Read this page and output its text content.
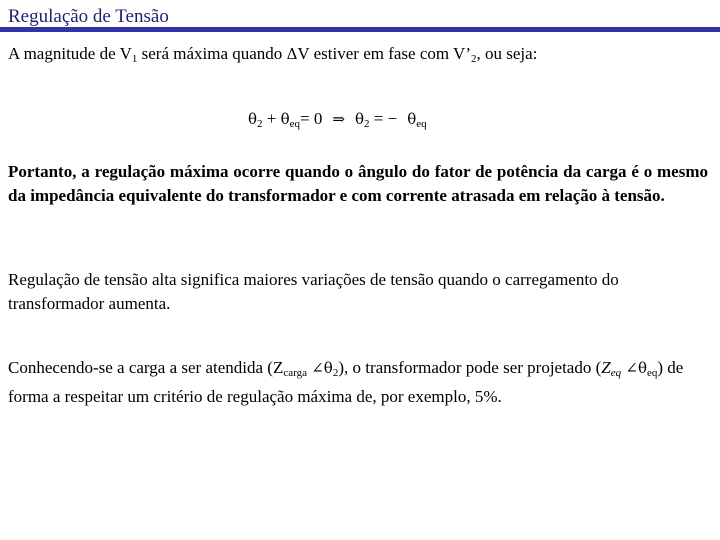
Regulação de Tensão
A magnitude de $V_1$ será máxima quando ΔV estiver em fase com $V’_2$, ou seja:
$\theta_2 + \theta_{eq}= 0$ ⇒ $\theta_2$ = − $\theta_{eq}$
Portanto, a regulação máxima ocorre quando o ângulo do fator de potência da carga é o mesmo da impedância equivalente do transformador e com corrente atrasada em relação à tensão.
Regulação de tensão alta significa maiores variações de tensão quando o carregamento do transformador aumenta.
Conhecendo-se a carga a ser atendida ($Z_{carga}$ $\angle\theta_2$), o transformador pode ser projetado ($Z_{eq}$ $\angle\theta_{eq}$) de forma a respeitar um critério de regulação máxima de, por exemplo, 5%.
